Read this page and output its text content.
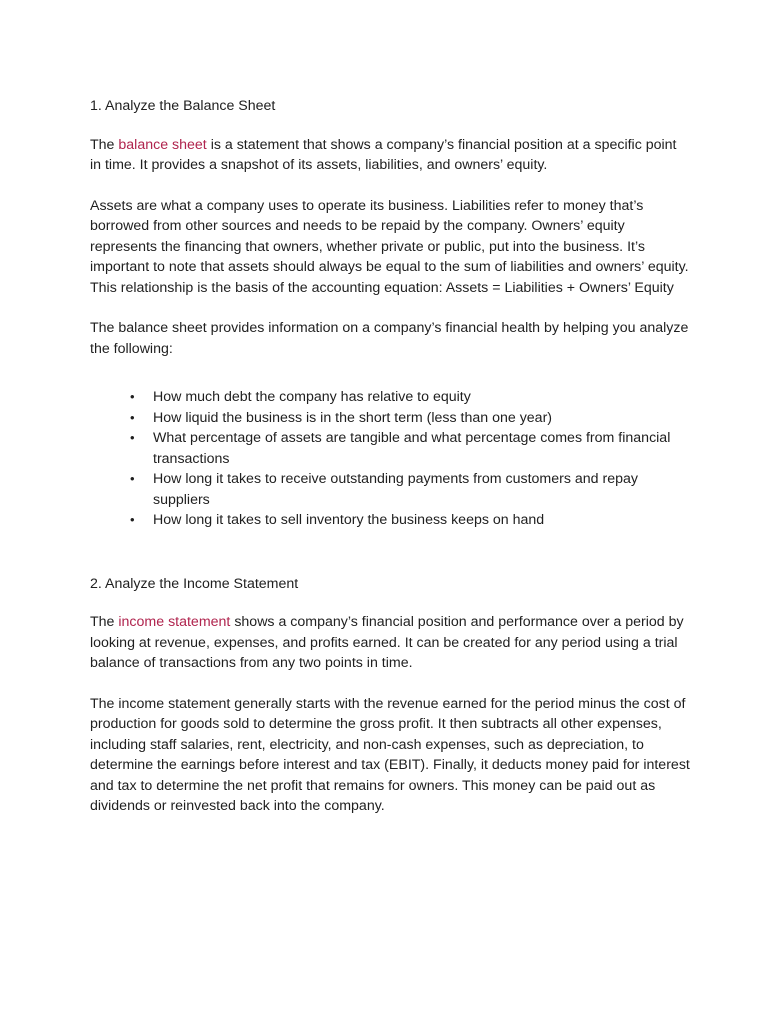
1. Analyze the Balance Sheet

The balance sheet is a statement that shows a company’s financial position at a specific point in time. It provides a snapshot of its assets, liabilities, and owners’ equity.

Assets are what a company uses to operate its business. Liabilities refer to money that’s borrowed from other sources and needs to be repaid by the company. Owners’ equity represents the financing that owners, whether private or public, put into the business. It’s important to note that assets should always be equal to the sum of liabilities and owners’ equity. This relationship is the basis of the accounting equation: Assets = Liabilities + Owners’ Equity

The balance sheet provides information on a company’s financial health by helping you analyze the following:

• How much debt the company has relative to equity
• How liquid the business is in the short term (less than one year)
• What percentage of assets are tangible and what percentage comes from financial transactions
• How long it takes to receive outstanding payments from customers and repay suppliers
• How long it takes to sell inventory the business keeps on hand
2. Analyze the Income Statement

The income statement shows a company’s financial position and performance over a period by looking at revenue, expenses, and profits earned. It can be created for any period using a trial balance of transactions from any two points in time.

The income statement generally starts with the revenue earned for the period minus the cost of production for goods sold to determine the gross profit. It then subtracts all other expenses, including staff salaries, rent, electricity, and non-cash expenses, such as depreciation, to determine the earnings before interest and tax (EBIT). Finally, it deducts money paid for interest and tax to determine the net profit that remains for owners. This money can be paid out as dividends or reinvested back into the company.
